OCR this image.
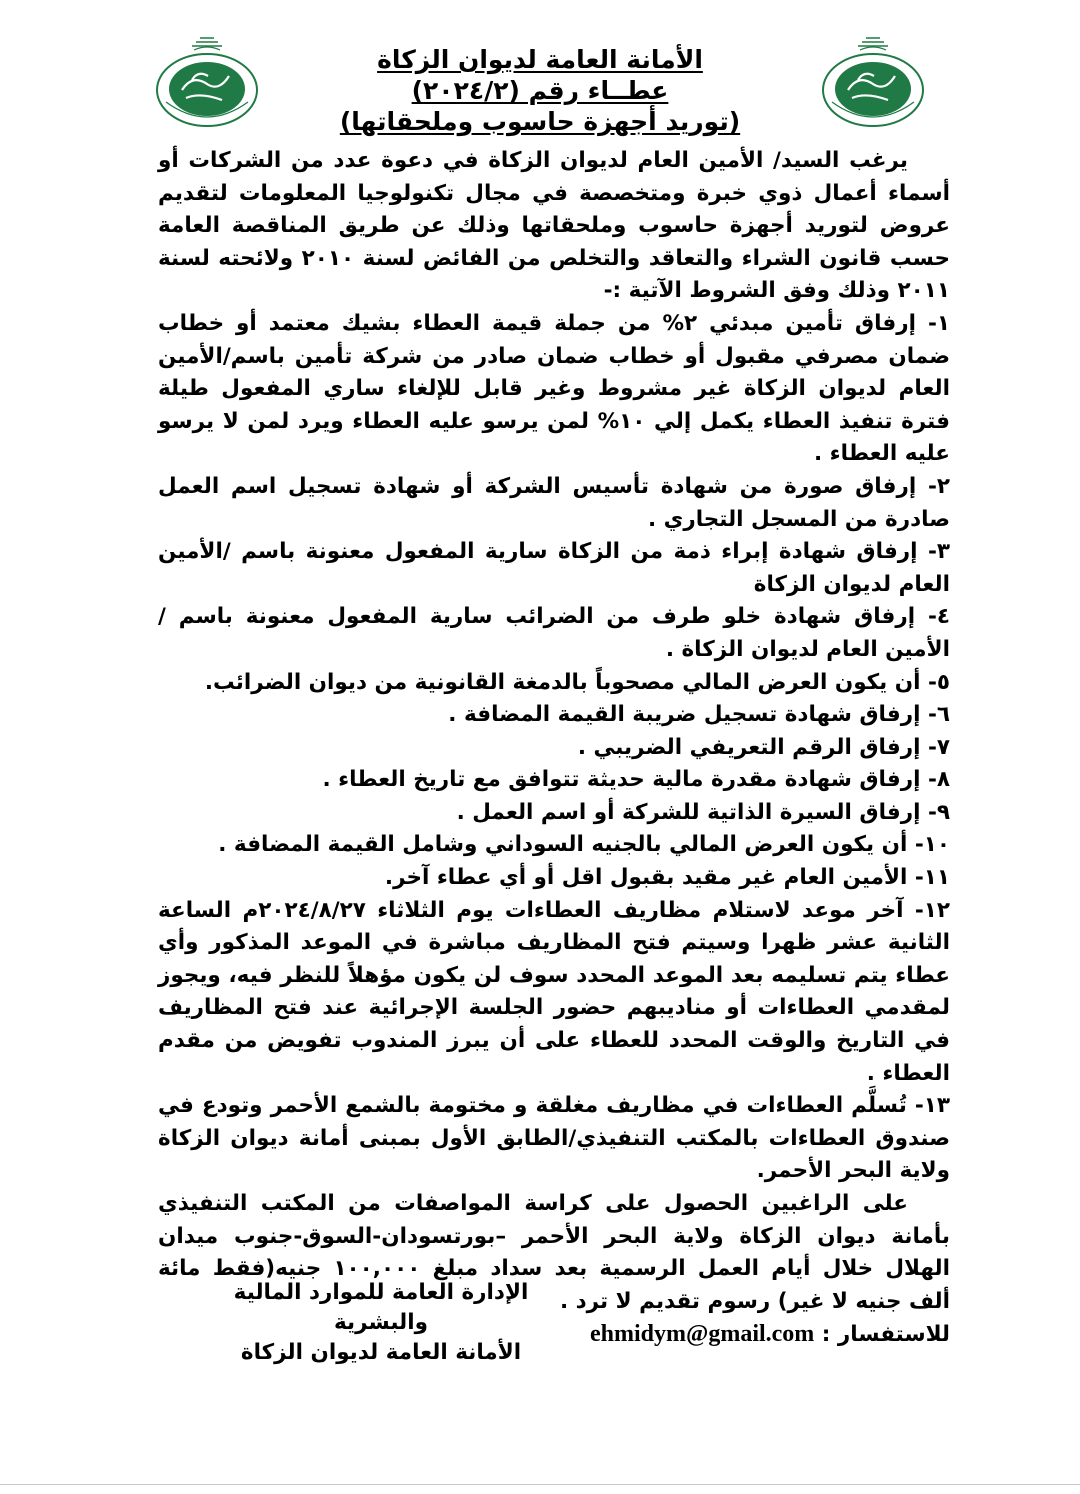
الأمانة العامة لديوان الزكاة
عطــاء رقم (٢٠٢٤/٢)
(توريد أجهزة حاسوب وملحقاتها)

يرغب السيد/ الأمين العام لديوان الزكاة في دعوة عدد من الشركات أو أسماء أعمال ذوي خبرة ومتخصصة في مجال تكنولوجيا المعلومات لتقديم عروض لتوريد أجهزة حاسوب وملحقاتها وذلك عن طريق المناقصة العامة حسب قانون الشراء والتعاقد والتخلص من الفائض لسنة ٢٠١٠ ولائحته لسنة ٢٠١١ وذلك وفق الشروط الآتية :-

١- إرفاق تأمين مبدئي ٢% من جملة قيمة العطاء بشيك معتمد أو خطاب ضمان مصرفي مقبول أو خطاب ضمان صادر من شركة تأمين باسم/الأمين العام لديوان الزكاة غير مشروط وغير قابل للإلغاء ساري المفعول طيلة فترة تنفيذ العطاء يكمل إلي ١٠% لمن يرسو عليه العطاء ويرد لمن لا يرسو عليه العطاء .

٢- إرفاق صورة من شهادة تأسيس الشركة أو شهادة تسجيل اسم العمل صادرة من المسجل التجاري .

٣- إرفاق شهادة إبراء ذمة من الزكاة سارية المفعول معنونة باسم /الأمين العام لديوان الزكاة

٤- إرفاق شهادة خلو طرف من الضرائب سارية المفعول معنونة باسم /الأمين العام لديوان الزكاة .

٥- أن يكون العرض المالي مصحوباً بالدمغة القانونية من ديوان الضرائب.

٦- إرفاق شهادة تسجيل ضريبة القيمة المضافة .

٧- إرفاق الرقم التعريفي الضريبي .

٨- إرفاق شهادة مقدرة مالية حديثة تتوافق مع تاريخ العطاء .

٩- إرفاق السيرة الذاتية للشركة أو اسم العمل .

١٠- أن يكون العرض المالي بالجنيه السوداني وشامل القيمة المضافة .

١١- الأمين العام غير مقيد بقبول اقل أو أي عطاء آخر.

١٢- آخر موعد لاستلام مظاريف العطاءات يوم الثلاثاء ٢٠٢٤/٨/٢٧م الساعة الثانية عشر ظهرا وسيتم فتح المظاريف مباشرة في الموعد المذكور وأي عطاء يتم تسليمه بعد الموعد المحدد سوف لن يكون مؤهلاً للنظر فيه، ويجوز لمقدمي العطاءات أو مناديبهم حضور الجلسة الإجرائية عند فتح المظاريف في التاريخ والوقت المحدد للعطاء على أن يبرز المندوب تفويض من مقدم العطاء .

١٣- تُسلَّم العطاءات في مظاريف مغلقة و مختومة بالشمع الأحمر وتودع في صندوق العطاءات بالمكتب التنفيذي/الطابق الأول بمبنى أمانة ديوان الزكاة ولاية البحر الأحمر.

على الراغبين الحصول على كراسة المواصفات من المكتب التنفيذي بأمانة ديوان الزكاة ولاية البحر الأحمر –بورتسودان-السوق-جنوب ميدان الهلال خلال أيام العمل الرسمية بعد سداد مبلغ ١٠٠,٠٠٠ جنيه(فقط مائة ألف جنيه لا غير) رسوم تقديم لا ترد .

للاستفسار : ehmidym@gmail.com

الإدارة العامة للموارد المالية والبشرية
الأمانة العامة لديوان الزكاة
